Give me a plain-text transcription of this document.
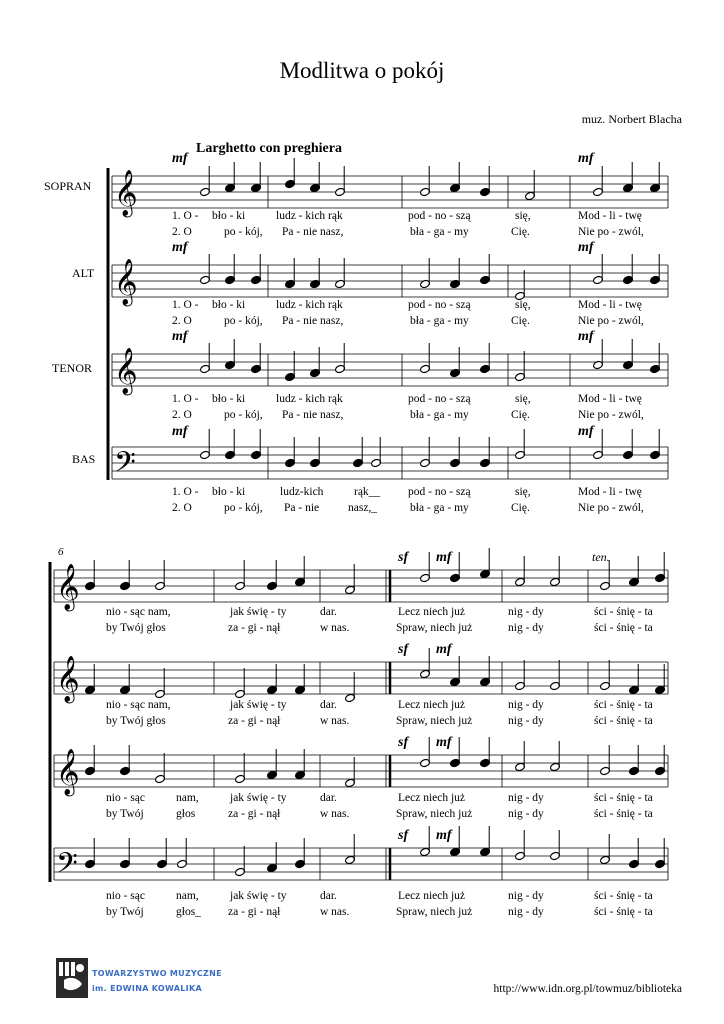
Modlitwa o pokój
muz. Norbert Blacha
Larghetto con preghiera
SOPRAN
ALT
TENOR
BAS
𝄞
𝄞
𝄞
𝄢
𝄞
𝄞
𝄞
𝄢
mf	mf
mf	mf
mf	mf
mf	mf
sf mf	ten.
sf mf
sf mf
sf mf
6
1. O - bło - ki	ludz - kich rąk	pod - no - szą	się,	Mod - li - twę
2. O	po - kój, Pa - nie nasz,	bła - ga - my	Cię.	Nie po - zwól,
1. O - bło - ki	ludz - kich rąk	pod - no - szą	się,	Mod - li - twę
2. O	po - kój, Pa - nie nasz,	bła - ga - my	Cię.	Nie po - zwól,
1. O - bło - ki	ludz - kich rąk	pod - no - szą	się,	Mod - li - twę
2. O	po - kój, Pa - nie nasz,	bła - ga - my	Cię.	Nie po - zwól,
1. O - bło - ki	ludz-kich	rąk__ pod - no - szą	się,	Mod - li - twę
2. O	po - kój, Pa - nie	nasz,_	bła - ga - my	Cię.	Nie po - zwól,
nio - sąc nam,	jak świę - ty	dar.	Lecz niech już	nig - dy	ści - śnię - ta
by Twój głos	za - gi - nął	w nas.	Spraw, niech już	nig - dy	ści - śnię - ta
nio - sąc nam,	jak świę - ty	dar.	Lecz niech już	nig - dy	ści - śnię - ta
by Twój głos	za - gi - nął	w nas.	Spraw, niech już	nig - dy	ści - śnię - ta
nio - sąc	nam,	jak świę - ty	dar.	Lecz niech już	nig - dy	ści - śnię - ta
by Twój	głos	za - gi - nął	w nas.	Spraw, niech już	nig - dy	ści - śnię - ta
nio - sąc	nam,	jak świę - ty	dar.	Lecz niech już	nig - dy	ści - śnię - ta
by Twój	głos_ za - gi - nął	w nas.	Spraw, niech już	nig - dy	ści - śnię - ta
TOWARZYSTWO MUZYCZNE
im. EDWINA KOWALIKA	http://www.idn.org.pl/towmuz/biblioteka
